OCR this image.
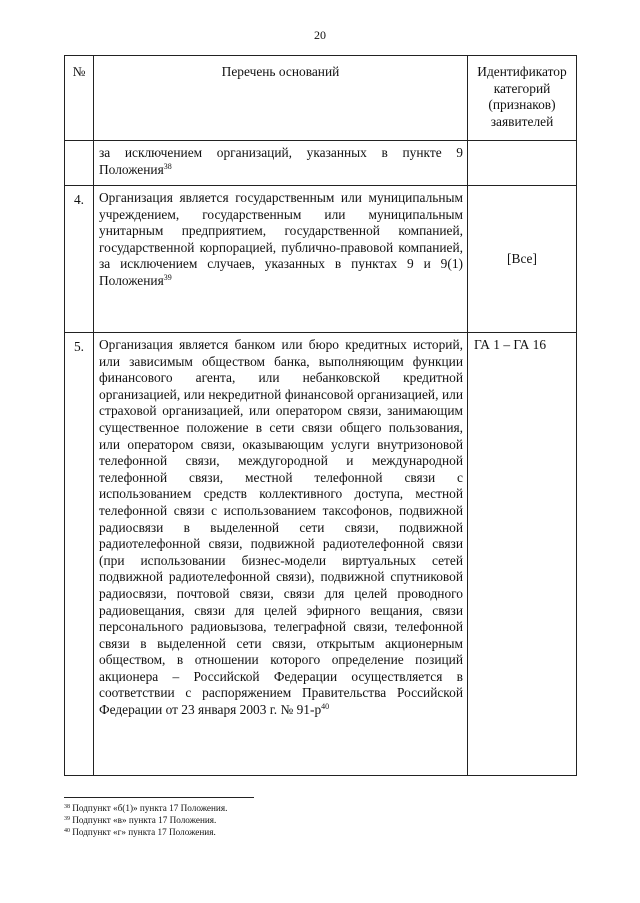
20
№	Перечень оснований	Идентификатор категорий (признаков) заявителей
	за исключением организаций, указанных в пункте 9 Положения$^{38}$	
4.	Организация является государственным или муниципальным учреждением, государственным или муниципальным унитарным предприятием, государственной компанией, государственной корпорацией, публично-правовой компанией, за исключением случаев, указанных в пунктах 9 и 9(1) Положения$^{39}$	[Все]
5.	Организация является банком или бюро кредитных историй, или зависимым обществом банка, выполняющим функции финансового агента, или небанковской кредитной организацией, или некредитной финансовой организацией, или страховой организацией, или оператором связи, занимающим существенное положение в сети связи общего пользования, или оператором связи, оказывающим услуги внутризоновой телефонной связи, междугородной и международной телефонной связи, местной телефонной связи с использованием средств коллективного доступа, местной телефонной связи с использованием таксофонов, подвижной радиосвязи в выделенной сети связи, подвижной радиотелефонной связи, подвижной радиотелефонной связи (при использовании бизнес-модели виртуальных сетей подвижной радиотелефонной связи), подвижной спутниковой радиосвязи, почтовой связи, связи для целей проводного радиовещания, связи для целей эфирного вещания, связи персонального радиовызова, телеграфной связи, телефонной связи в выделенной сети связи, открытым акционерным обществом, в отношении которого определение позиций акционера – Российской Федерации осуществляется в соответствии с распоряжением Правительства Российской Федерации от 23 января 2003 г. № $91-р^{40}$	ГА 1 – ГА 16
$^{38}$ Подпункт «б(1)» пункта 17 Положения.
$^{39}$ Подпункт «в» пункта 17 Положения.
$^{40}$ Подпункт «г» пункта 17 Положения.
